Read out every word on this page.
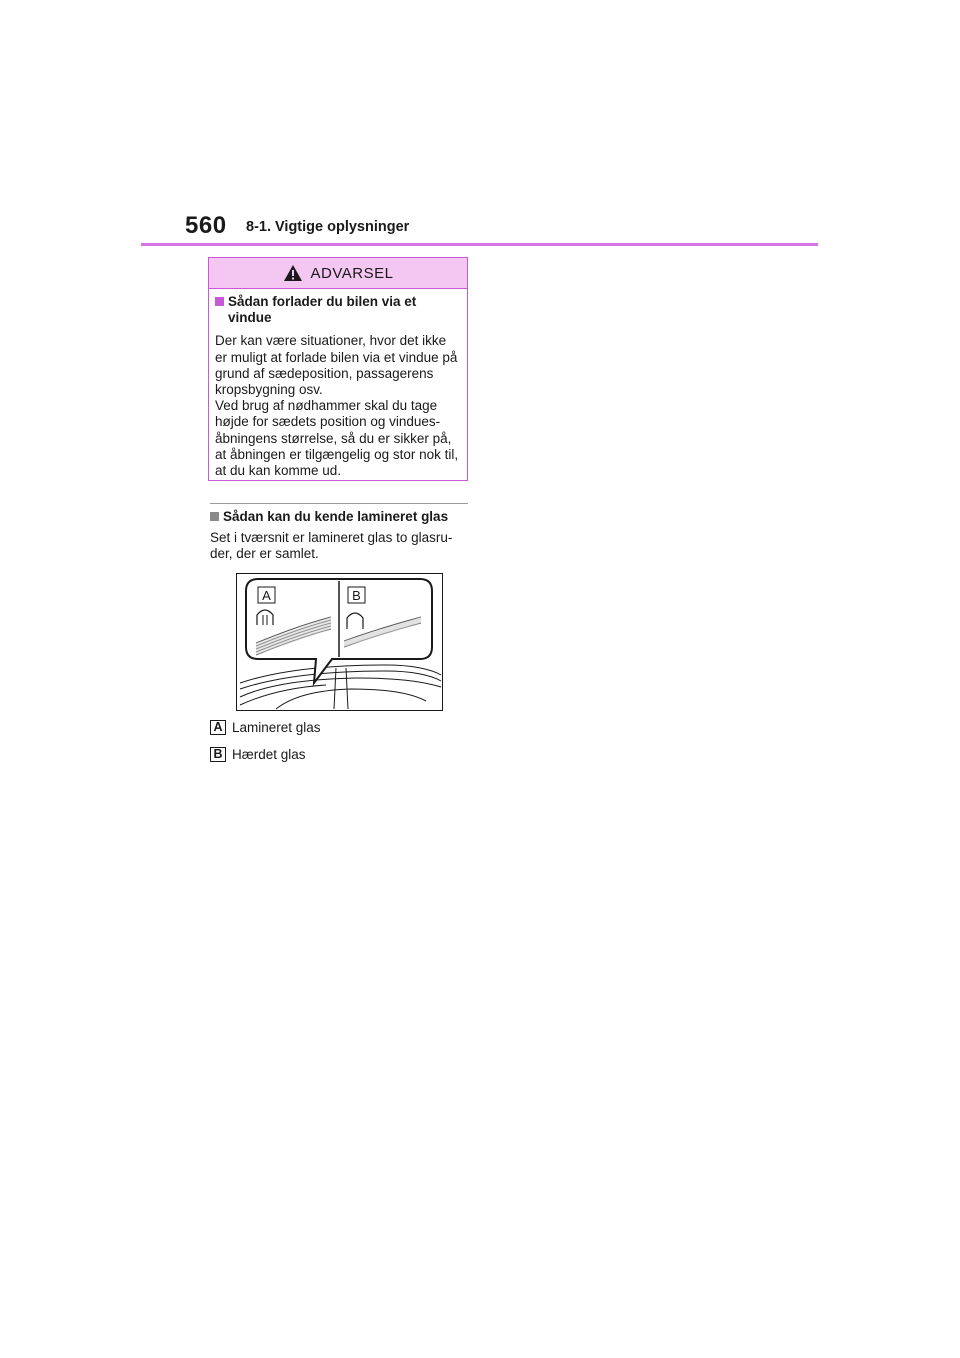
560 8-1. Vigtige oplysninger
ADVARSEL
Sådan forlader du bilen via et vindue
Der kan være situationer, hvor det ikke er muligt at forlade bilen via et vindue på grund af sædeposition, passagerens kropsbygning osv.
Ved brug af nødhammer skal du tage højde for sædets position og vindues-åbningens størrelse, så du er sikker på, at åbningen er tilgængelig og stor nok til, at du kan komme ud.
Sådan kan du kende lamineret glas
Set i tværsnit er lamineret glas to glasru-der, der er samlet.
A	B
A Lamineret glas
B Hærdet glas
